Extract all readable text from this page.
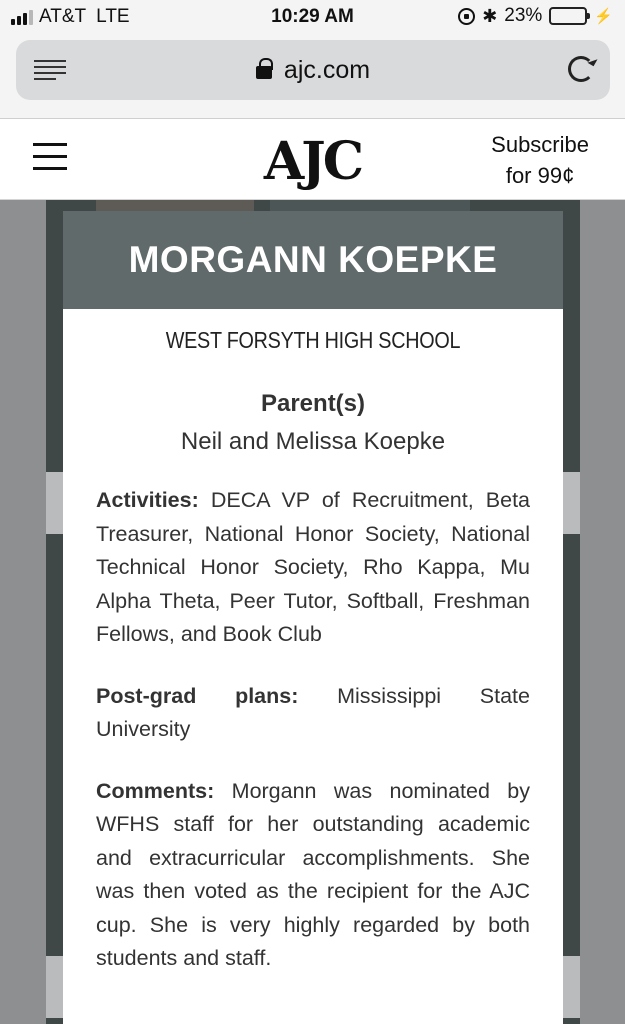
AT&T LTE	10:29 AM	✱ 23%	⚡
ajc.com
AJC	Subscribe
for 99¢
MORGANN KOEPKE
WEST FORSYTH HIGH SCHOOL
Parent(s)
Neil and Melissa Koepke

Activities: DECA VP of Recruitment, Beta Treasurer, National Honor Society, National Technical Honor Society, Rho Kappa, Mu Alpha Theta, Peer Tutor, Softball, Freshman Fellows, and Book Club

Post-grad plans: Mississippi State University

Comments: Morgann was nominated by WFHS staff for her outstanding academic and extracurricular accomplishments. She was then voted as the recipient for the AJC cup. She is very highly regarded by both students and staff.
